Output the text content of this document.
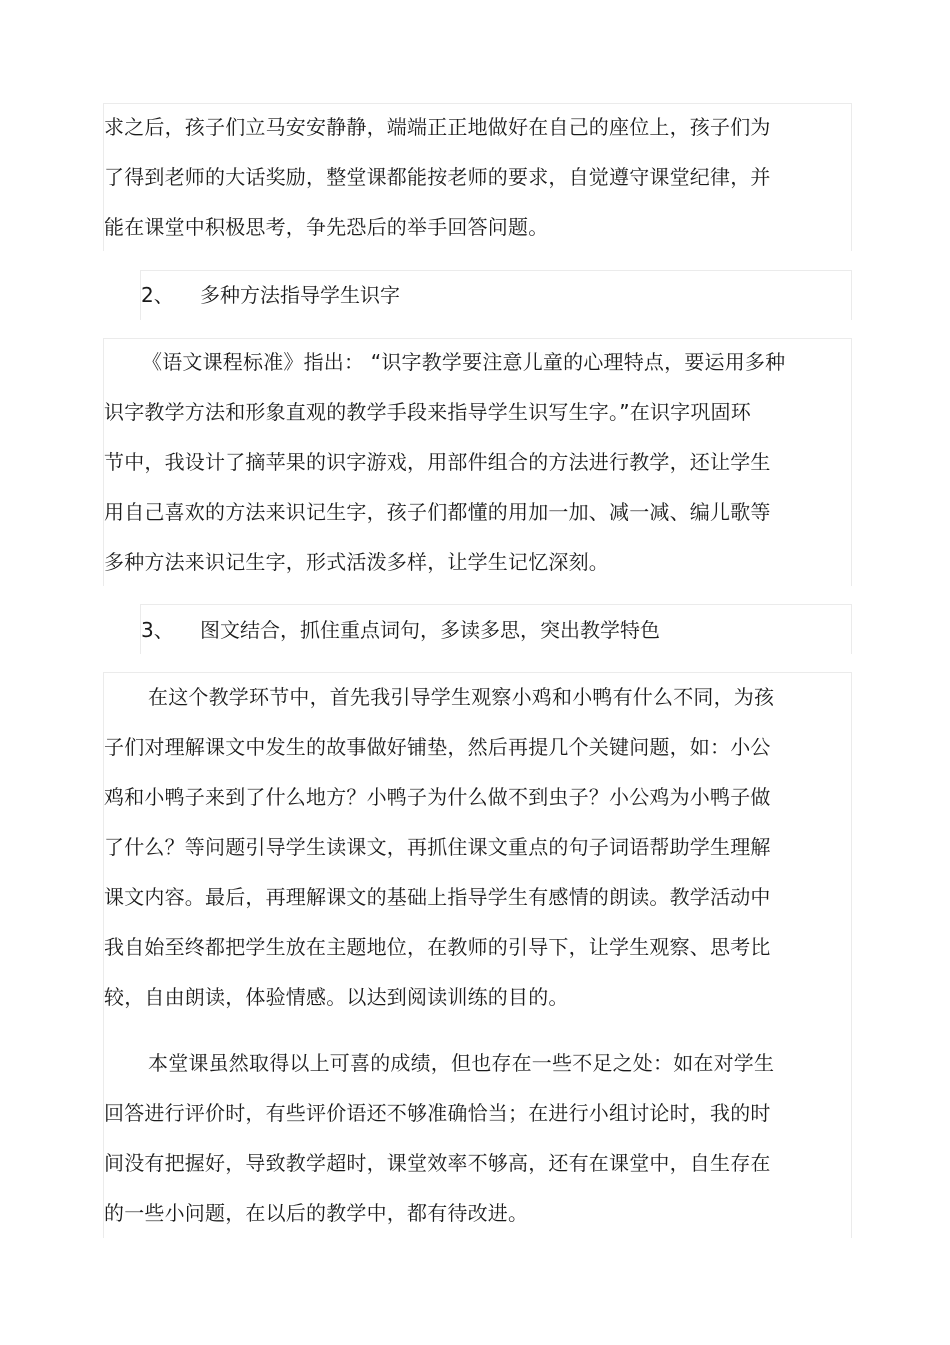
求之后，孩子们立马安安静静，端端正正地做好在自己的座位上，孩子们为
了得到老师的大话奖励，整堂课都能按老师的要求，自觉遵守课堂纪律，并
能在课堂中积极思考，争先恐后的举手回答问题。
2、 多种方法指导学生识字
《语文课程标准》指出： “识字教学要注意儿童的心理特点，要运用多种
识字教学方法和形象直观的教学手段来指导学生识写生字。”在识字巩固环
节中，我设计了摘苹果的识字游戏，用部件组合的方法进行教学，还让学生
用自己喜欢的方法来识记生字，孩子们都懂的用加一加、减一减、编儿歌等
多种方法来识记生字，形式活泼多样，让学生记忆深刻。
3、 图文结合，抓住重点词句，多读多思，突出教学特色
在这个教学环节中，首先我引导学生观察小鸡和小鸭有什么不同，为孩
子们对理解课文中发生的故事做好铺垫，然后再提几个关键问题，如：小公
鸡和小鸭子来到了什么地方？小鸭子为什么做不到虫子？小公鸡为小鸭子做
了什么？等问题引导学生读课文，再抓住课文重点的句子词语帮助学生理解
课文内容。最后，再理解课文的基础上指导学生有感情的朗读。教学活动中
我自始至终都把学生放在主题地位，在教师的引导下，让学生观察、思考比
较，自由朗读，体验情感。以达到阅读训练的目的。
本堂课虽然取得以上可喜的成绩，但也存在一些不足之处：如在对学生
回答进行评价时，有些评价语还不够准确恰当；在进行小组讨论时，我的时
间没有把握好，导致教学超时，课堂效率不够高，还有在课堂中，自生存在
的一些小问题，在以后的教学中，都有待改进。
